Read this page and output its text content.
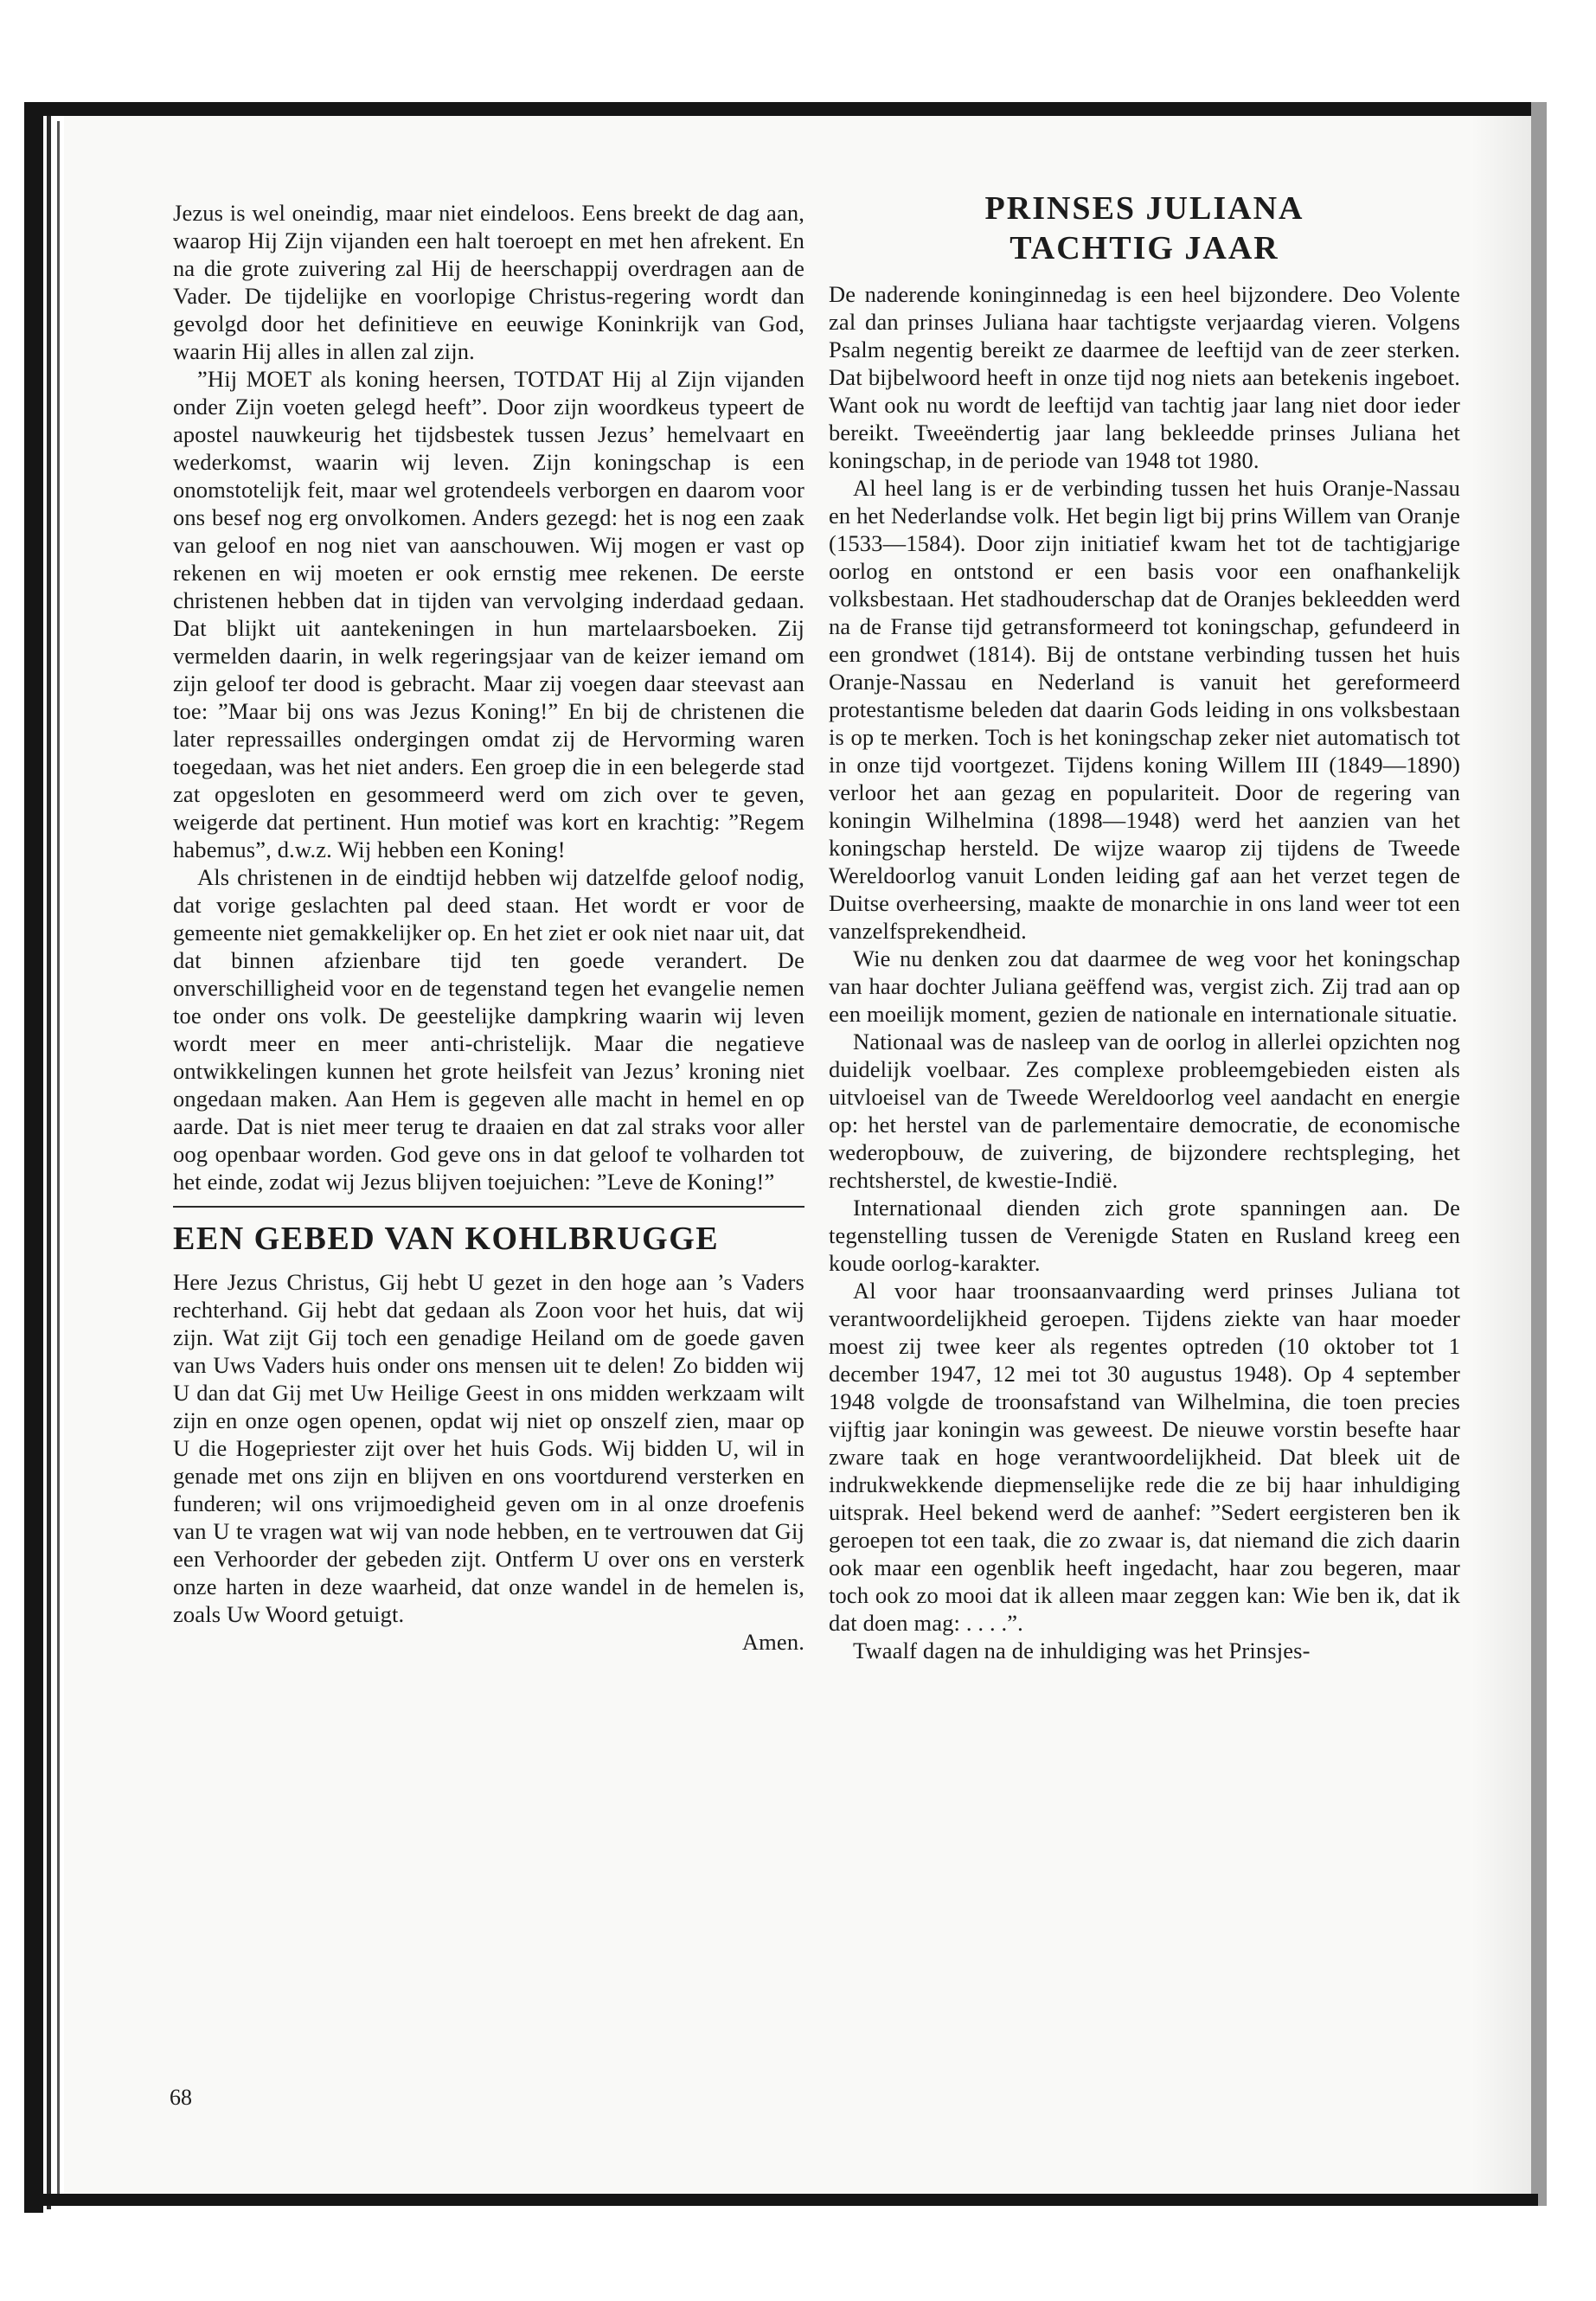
Jezus is wel oneindig, maar niet eindeloos. Eens breekt de dag aan, waarop Hij Zijn vijanden een halt toeroept en met hen afrekent. En na die grote zuivering zal Hij de heerschappij overdragen aan de Vader. De tijdelijke en voorlopige Christus-regering wordt dan gevolgd door het definitieve en eeuwige Koninkrijk van God, waarin Hij alles in allen zal zijn.

”Hij MOET als koning heersen, TOTDAT Hij al Zijn vijanden onder Zijn voeten gelegd heeft”. Door zijn woordkeus typeert de apostel nauwkeurig het tijdsbestek tussen Jezus’ hemelvaart en wederkomst, waarin wij leven. Zijn koningschap is een onomstotelijk feit, maar wel grotendeels verborgen en daarom voor ons besef nog erg onvolkomen. Anders gezegd: het is nog een zaak van geloof en nog niet van aanschouwen. Wij mogen er vast op rekenen en wij moeten er ook ernstig mee rekenen. De eerste christenen hebben dat in tijden van vervolging inderdaad gedaan. Dat blijkt uit aantekeningen in hun martelaarsboeken. Zij vermelden daarin, in welk regeringsjaar van de keizer iemand om zijn geloof ter dood is gebracht. Maar zij voegen daar steevast aan toe: ”Maar bij ons was Jezus Koning!” En bij de christenen die later repressailles ondergingen omdat zij de Hervorming waren toegedaan, was het niet anders. Een groep die in een belegerde stad zat opgesloten en gesommeerd werd om zich over te geven, weigerde dat pertinent. Hun motief was kort en krachtig: ”Regem habemus”, d.w.z. Wij hebben een Koning!

Als christenen in de eindtijd hebben wij datzelfde geloof nodig, dat vorige geslachten pal deed staan. Het wordt er voor de gemeente niet gemakkelijker op. En het ziet er ook niet naar uit, dat dat binnen afzienbare tijd ten goede verandert. De onverschilligheid voor en de tegenstand tegen het evangelie nemen toe onder ons volk. De geestelijke dampkring waarin wij leven wordt meer en meer anti-christelijk. Maar die negatieve ontwikkelingen kunnen het grote heilsfeit van Jezus’ kroning niet ongedaan maken. Aan Hem is gegeven alle macht in hemel en op aarde. Dat is niet meer terug te draaien en dat zal straks voor aller oog openbaar worden. God geve ons in dat geloof te volharden tot het einde, zodat wij Jezus blijven toejuichen: ”Leve de Koning!”

EEN GEBED VAN KOHLBRUGGE

Here Jezus Christus, Gij hebt U gezet in den hoge aan ’s Vaders rechterhand. Gij hebt dat gedaan als Zoon voor het huis, dat wij zijn. Wat zijt Gij toch een genadige Heiland om de goede gaven van Uws Vaders huis onder ons mensen uit te delen! Zo bidden wij U dan dat Gij met Uw Heilige Geest in ons midden werkzaam wilt zijn en onze ogen openen, opdat wij niet op onszelf zien, maar op U die Hogepriester zijt over het huis Gods. Wij bidden U, wil in genade met ons zijn en blijven en ons voortdurend versterken en funderen; wil ons vrijmoedigheid geven om in al onze droefenis van U te vragen wat wij van node hebben, en te vertrouwen dat Gij een Verhoorder der gebeden zijt. Ontferm U over ons en versterk onze harten in deze waarheid, dat onze wandel in de hemelen is, zoals Uw Woord getuigt.

Amen.

68
PRINSES JULIANA
TACHTIG JAAR

De naderende koninginnedag is een heel bijzondere. Deo Volente zal dan prinses Juliana haar tachtigste verjaardag vieren. Volgens Psalm negentig bereikt ze daarmee de leeftijd van de zeer sterken. Dat bijbelwoord heeft in onze tijd nog niets aan betekenis ingeboet. Want ook nu wordt de leeftijd van tachtig jaar lang niet door ieder bereikt. Tweeëndertig jaar lang bekleedde prinses Juliana het koningschap, in de periode van 1948 tot 1980.

Al heel lang is er de verbinding tussen het huis Oranje-Nassau en het Nederlandse volk. Het begin ligt bij prins Willem van Oranje (1533—1584). Door zijn initiatief kwam het tot de tachtigjarige oorlog en ontstond er een basis voor een onafhankelijk volksbestaan. Het stadhouderschap dat de Oranjes bekleedden werd na de Franse tijd getransformeerd tot koningschap, gefundeerd in een grondwet (1814). Bij de ontstane verbinding tussen het huis Oranje-Nassau en Nederland is vanuit het gereformeerd protestantisme beleden dat daarin Gods leiding in ons volksbestaan is op te merken. Toch is het koningschap zeker niet automatisch tot in onze tijd voortgezet. Tijdens koning Willem III (1849—1890) verloor het aan gezag en populariteit. Door de regering van koningin Wilhelmina (1898—1948) werd het aanzien van het koningschap hersteld. De wijze waarop zij tijdens de Tweede Wereldoorlog vanuit Londen leiding gaf aan het verzet tegen de Duitse overheersing, maakte de monarchie in ons land weer tot een vanzelfsprekendheid.

Wie nu denken zou dat daarmee de weg voor het koningschap van haar dochter Juliana geëffend was, vergist zich. Zij trad aan op een moeilijk moment, gezien de nationale en internationale situatie.

Nationaal was de nasleep van de oorlog in allerlei opzichten nog duidelijk voelbaar. Zes complexe probleemgebieden eisten als uitvloeisel van de Tweede Wereldoorlog veel aandacht en energie op: het herstel van de parlementaire democratie, de economische wederopbouw, de zuivering, de bijzondere rechtspleging, het rechtsherstel, de kwestie-Indië.

Internationaal dienden zich grote spanningen aan. De tegenstelling tussen de Verenigde Staten en Rusland kreeg een koude oorlog-karakter.

Al voor haar troonsaanvaarding werd prinses Juliana tot verantwoordelijkheid geroepen. Tijdens ziekte van haar moeder moest zij twee keer als regentes optreden (10 oktober tot 1 december 1947, 12 mei tot 30 augustus 1948). Op 4 september 1948 volgde de troonsafstand van Wilhelmina, die toen precies vijftig jaar koningin was geweest. De nieuwe vorstin besefte haar zware taak en hoge verantwoordelijkheid. Dat bleek uit de indrukwekkende diepmenselijke rede die ze bij haar inhuldiging uitsprak. Heel bekend werd de aanhef: ”Sedert eergisteren ben ik geroepen tot een taak, die zo zwaar is, dat niemand die zich daarin ook maar een ogenblik heeft ingedacht, haar zou begeren, maar toch ook zo mooi dat ik alleen maar zeggen kan: Wie ben ik, dat ik dat doen mag: . . . .”.

Twaalf dagen na de inhuldiging was het Prinsjes-
